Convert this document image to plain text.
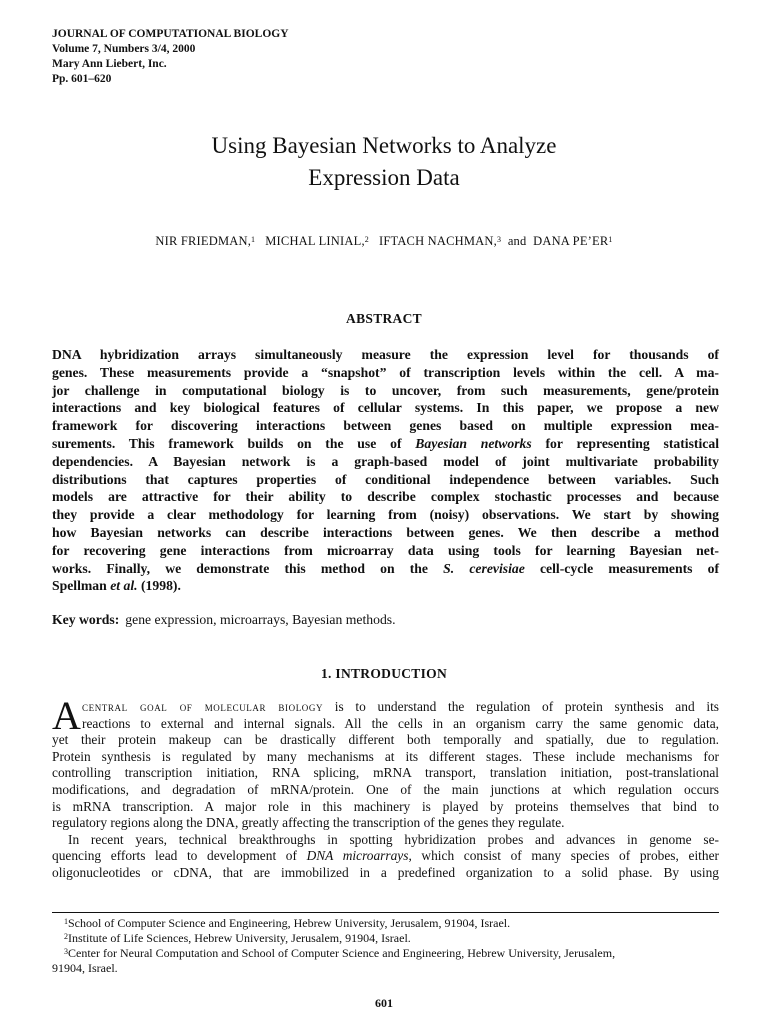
JOURNAL OF COMPUTATIONAL BIOLOGY
Volume 7, Numbers 3/4, 2000
Mary Ann Liebert, Inc.
Pp. 601–620
Using Bayesian Networks to Analyze
Expression Data
NIR FRIEDMAN,$^1$ MICHAL LINIAL,$^2$ IFTACH NACHMAN,$^3$ and DANA $PE’ER^1$
ABSTRACT
DNA hybridization arrays simultaneously measure the expression level for thousands of
genes. These measurements provide a “snapshot” of transcription levels within the cell. A ma-
jor challenge in computational biology is to uncover, from such measurements, gene/protein
interactions and key biological features of cellular systems. In this paper, we propose a new
framework for discovering interactions between genes based on multiple expression mea-
surements. This framework builds on the use of Bayesian networks for representing statistical
dependencies. A Bayesian network is a graph-based model of joint multivariate probability
distributions that captures properties of conditional independence between variables. Such
models are attractive for their ability to describe complex stochastic processes and because
they provide a clear methodology for learning from (noisy) observations. We start by showing
how Bayesian networks can describe interactions between genes. We then describe a method
for recovering gene interactions from microarray data using tools for learning Bayesian net-
works. Finally, we demonstrate this method on the S. cerevisiae cell-cycle measurements of
Spellman et al. (1998).
Key words: gene expression, microarrays, Bayesian methods.
1. INTRODUCTION
A central goal of molecular biology is to understand the regulation of protein synthesis and its
reactions to external and internal signals. All the cells in an organism carry the same genomic data,
yet their protein makeup can be drastically different both temporally and spatially, due to regulation.
Protein synthesis is regulated by many mechanisms at its different stages. These include mechanisms for
controlling transcription initiation, RNA splicing, mRNA transport, translation initiation, post-translational
modifications, and degradation of mRNA/protein. One of the main junctions at which regulation occurs
is mRNA transcription. A major role in this machinery is played by proteins themselves that bind to
regulatory regions along the DNA, greatly affecting the transcription of the genes they regulate.
In recent years, technical breakthroughs in spotting hybridization probes and advances in genome se-
quencing efforts lead to development of DNA microarrays, which consist of many species of probes, either
oligonucleotides or cDNA, that are immobilized in a predefined organization to a solid phase. By using
$^1$School of Computer Science and Engineering, Hebrew University, Jerusalem, 91904, Israel.
$^2$Institute of Life Sciences, Hebrew University, Jerusalem, 91904, Israel.
$^3$Center for Neural Computation and School of Computer Science and Engineering, Hebrew University, Jerusalem,
91904, Israel.
601
